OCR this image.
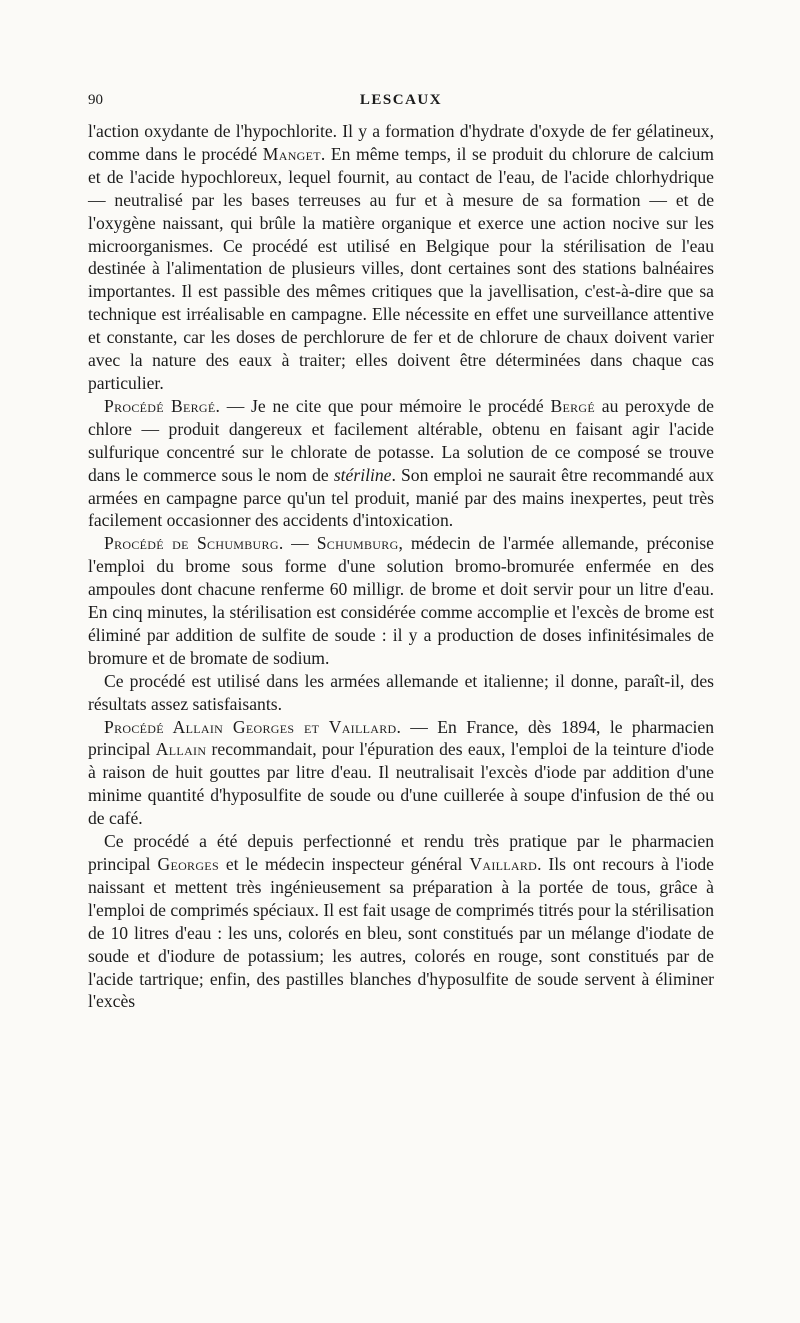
90	LESCAUX

l'action oxydante de l'hypochlorite. Il y a formation d'hydrate d'oxyde de fer gélatineux, comme dans le procédé Manget. En même temps, il se produit du chlorure de calcium et de l'acide hypochloreux, lequel fournit, au contact de l'eau, de l'acide chlorhydrique — neutralisé par les bases terreuses au fur et à mesure de sa formation — et de l'oxygène naissant, qui brûle la matière organique et exerce une action nocive sur les microorganismes. Ce procédé est utilisé en Belgique pour la stérilisation de l'eau destinée à l'alimentation de plusieurs villes, dont certaines sont des stations balnéaires importantes. Il est passible des mêmes critiques que la javellisation, c'est-à-dire que sa technique est irréalisable en campagne. Elle nécessite en effet une surveillance attentive et constante, car les doses de perchlorure de fer et de chlorure de chaux doivent varier avec la nature des eaux à traiter; elles doivent être déterminées dans chaque cas particulier.

Procédé Bergé. — Je ne cite que pour mémoire le procédé Bergé au peroxyde de chlore — produit dangereux et facilement altérable, obtenu en faisant agir l'acide sulfurique concentré sur le chlorate de potasse. La solution de ce composé se trouve dans le commerce sous le nom de stériline. Son emploi ne saurait être recommandé aux armées en campagne parce qu'un tel produit, manié par des mains inexpertes, peut très facilement occasionner des accidents d'intoxication.

Procédé de Schumburg. — Schumburg, médecin de l'armée allemande, préconise l'emploi du brome sous forme d'une solution bromo-bromurée enfermée en des ampoules dont chacune renferme 60 milligr. de brome et doit servir pour un litre d'eau. En cinq minutes, la stérilisation est considérée comme accomplie et l'excès de brome est éliminé par addition de sulfite de soude : il y a production de doses infinitésimales de bromure et de bromate de sodium.

Ce procédé est utilisé dans les armées allemande et italienne; il donne, paraît-il, des résultats assez satisfaisants.

Procédé Allain Georges et Vaillard. — En France, dès 1894, le pharmacien principal Allain recommandait, pour l'épuration des eaux, l'emploi de la teinture d'iode à raison de huit gouttes par litre d'eau. Il neutralisait l'excès d'iode par addition d'une minime quantité d'hyposulfite de soude ou d'une cuillerée à soupe d'infusion de thé ou de café.

Ce procédé a été depuis perfectionné et rendu très pratique par le pharmacien principal Georges et le médecin inspecteur général Vaillard. Ils ont recours à l'iode naissant et mettent très ingénieusement sa préparation à la portée de tous, grâce à l'emploi de comprimés spéciaux. Il est fait usage de comprimés titrés pour la stérilisation de 10 litres d'eau : les uns, colorés en bleu, sont constitués par un mélange d'iodate de soude et d'iodure de potassium; les autres, colorés en rouge, sont constitués par de l'acide tartrique; enfin, des pastilles blanches d'hyposulfite de soude servent à éliminer l'excès
